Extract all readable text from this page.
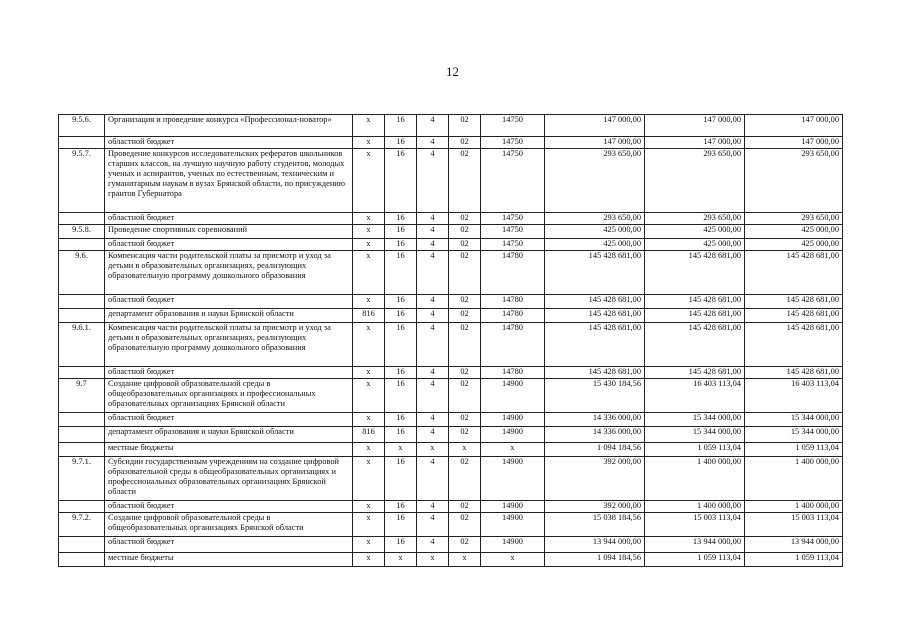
12
9.5.6.	Организация и проведение конкурса «Профессионал-новатор»	x	16	4	02	14750	147 000,00	147 000,00	147 000,00
	областной бюджет	x	16	4	02	14750	147 000,00	147 000,00	147 000,00
9.5.7.	Проведение конкурсов исследовательских рефератов школьников старших классов, на лучшую научную работу студентов, молодых ученых и аспирантов, ученых по естественным, техническим и гуманитарным наукам в вузах Брянской области, по присуждению грантов Губернатора	x	16	4	02	14750	293 650,00	293 650,00	293 650,00
	областной бюджет	x	16	4	02	14750	293 650,00	293 650,00	293 650,00
9.5.8.	Проведение спортивных соревнований	x	16	4	02	14750	425 000,00	425 000,00	425 000,00
	областной бюджет	x	16	4	02	14750	425 000,00	425 000,00	425 000,00
9.6.	Компенсация части родительской платы за присмотр и уход за детьми в образовательных организациях, реализующих образовательную программу дошкольного образования	x	16	4	02	14780	145 428 681,00	145 428 681,00	145 428 681,00
	областной бюджет	x	16	4	02	14780	145 428 681,00	145 428 681,00	145 428 681,00
	департамент образования и науки Брянской области	816	16	4	02	14780	145 428 681,00	145 428 681,00	145 428 681,00
9.6.1.	Компенсация части родительской платы за присмотр и уход за детьми в образовательных организациях, реализующих образовательную программу дошкольного образования	x	16	4	02	14780	145 428 681,00	145 428 681,00	145 428 681,00
	областной бюджет	x	16	4	02	14780	145 428 681,00	145 428 681,00	145 428 681,00
9.7	Создание цифровой образовательной среды в общеобразовательных организациях и профессиональных образовательных организациях Брянской области	x	16	4	02	14900	15 430 184,56	16 403 113,04	16 403 113,04
	областной бюджет	x	16	4	02	14900	14 336 000,00	15 344 000,00	15 344 000,00
	департамент образования и науки Брянской области	816	16	4	02	14900	14 336 000,00	15 344 000,00	15 344 000,00
	местные бюджеты	x	x	x	x	x	1 094 184,56	1 059 113,04	1 059 113,04
9.7.1.	Субсидии государственным учреждениям на создание цифровой образовательной среды в общеобразовательных организациях и профессиональных образовательных организациях Брянской области	x	16	4	02	14900	392 000,00	1 400 000,00	1 400 000,00
	областной бюджет	x	16	4	02	14900	392 000,00	1 400 000,00	1 400 000,00
9.7.2.	Создание цифровой образовательной среды в общеобразовательных организациях Брянской области	x	16	4	02	14900	15 038 184,56	15 003 113,04	15 003 113,04
	областной бюджет	x	16	4	02	14900	13 944 000,00	13 944 000,00	13 944 000,00
	местные бюджеты	x	x	x	x	x	1 094 184,56	1 059 113,04	1 059 113,04
